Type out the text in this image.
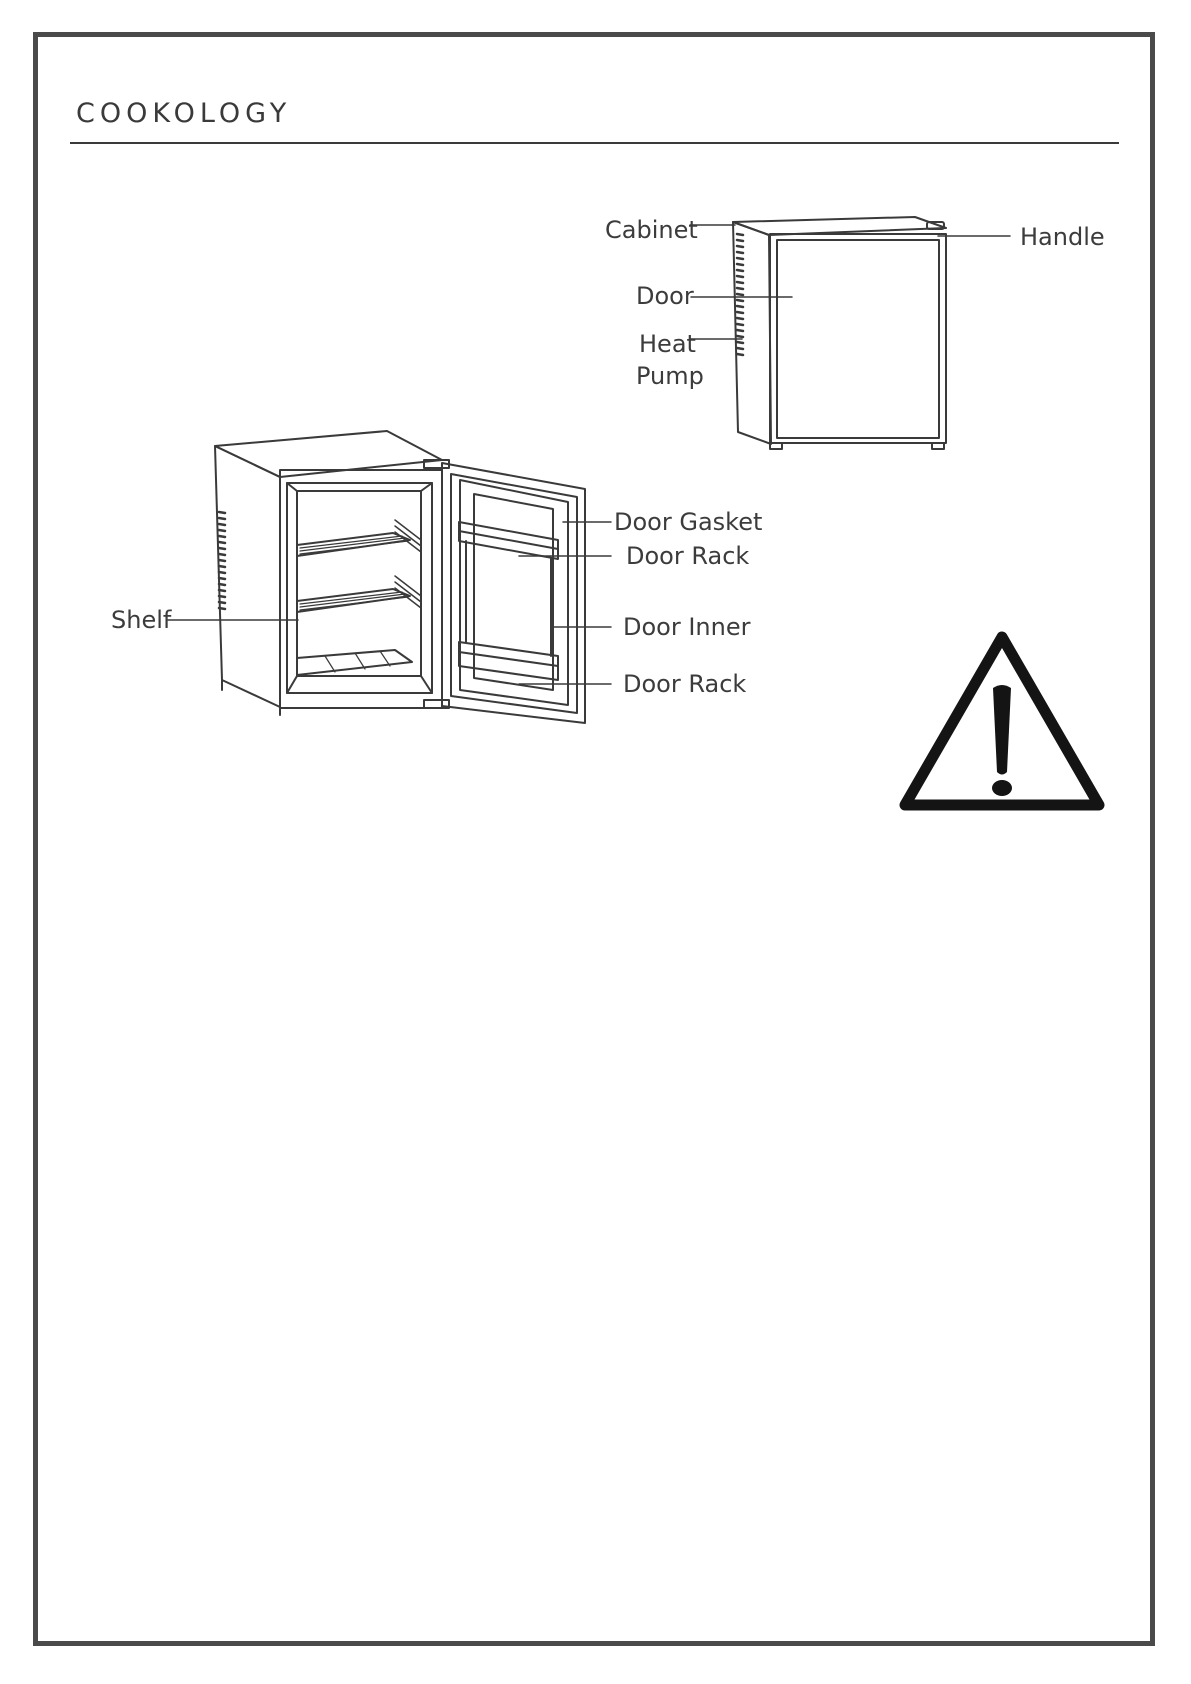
COOKOLOGY
Cabinet
Door
Heat
Pump
Handle
Door Gasket
Door Rack
Shelf	Door Inner
Door Rack
